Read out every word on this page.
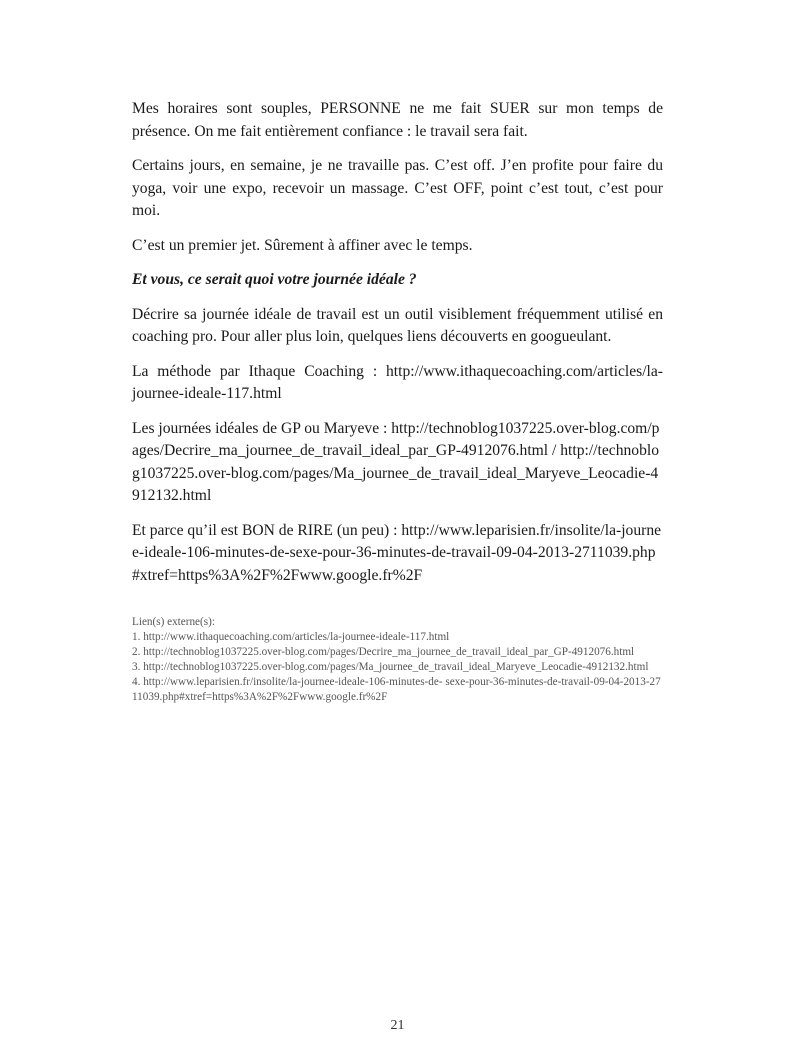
Mes horaires sont souples, PERSONNE ne me fait SUER sur mon temps de présence. On me fait entièrement confiance : le travail sera fait.

Certains jours, en semaine, je ne travaille pas. C’est off. J’en profite pour faire du yoga, voir une expo, recevoir un massage. C’est OFF, point c’est tout, c’est pour moi.

C’est un premier jet. Sûrement à affiner avec le temps.

Et vous, ce serait quoi votre journée idéale ?

Décrire sa journée idéale de travail est un outil visiblement fréquemment utilisé en coaching pro. Pour aller plus loin, quelques liens découverts en googueulant.

La méthode par Ithaque Coaching : http://www.ithaquecoaching.com/articles/la-journee-ideale-117.html

Les journées idéales de GP ou Maryeve : http://technoblog1037225.over-blog.com/pages/Decrire_ma_journee_de_travail_ideal_par_GP-4912076.html / http://technoblog1037225.over-blog.com/pages/Ma_journee_de_travail_ideal_Maryeve_Leocadie-4912132.html

Et parce qu’il est BON de RIRE (un peu) : http://www.leparisien.fr/insolite/la-journee-ideale-106-minutes-de-sexe-pour-36-minutes-de-travail-09-04-2013-2711039.php#xtref=https%3A%2F%2Fwww.google.fr%2F

Lien(s) externe(s):
1. http://www.ithaquecoaching.com/articles/la-journee-ideale-117.html
2. http://technoblog1037225.over-blog.com/pages/Decrire_ma_journee_de_travail_ideal_par_GP-4912076.html
3. http://technoblog1037225.over-blog.com/pages/Ma_journee_de_travail_ideal_Maryeve_Leocadie-4912132.html
4. http://www.leparisien.fr/insolite/la-journee-ideale-106-minutes-de- sexe-pour-36-minutes-de-travail-09-04-2013-2711039.php#xtref=https%3A%2F%2Fwww.google.fr%2F
21
